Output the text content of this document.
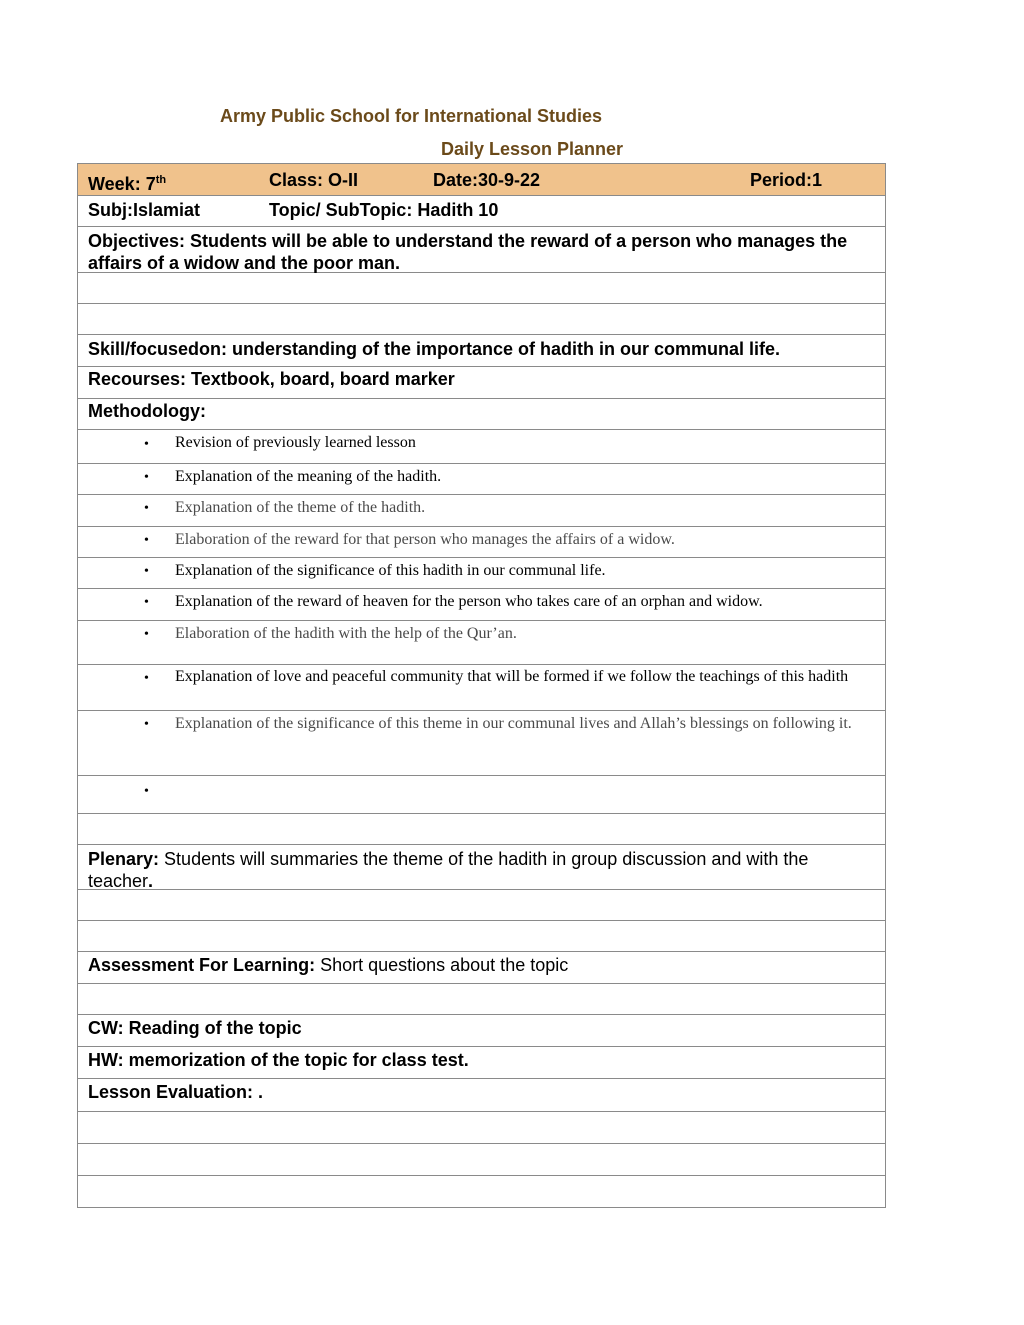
Army Public School for International Studies
Daily Lesson Planner
Week: 7th	Class: O-II	Date:30-9-22	Period:1
Subj:Islamiat	Topic/ SubTopic: Hadith 10
Objectives: Students will be able to understand the reward of a person who manages the affairs of a widow and the poor man.
Skill/focusedon: understanding of the importance of hadith in our communal life.
Recourses: Textbook, board, board marker
Methodology:
• Revision of previously learned lesson
• Explanation of the meaning of the hadith.
• Explanation of the theme of the hadith.
• Elaboration of the reward for that person who manages the affairs of a widow.
• Explanation of the significance of this hadith in our communal life.
• Explanation of the reward of heaven for the person who takes care of an orphan and widow.
• Elaboration of the hadith with the help of the Qur’an.
• Explanation of love and peaceful community that will be formed if we follow the teachings of this hadith
• Explanation of the significance of this theme in our communal lives and Allah’s blessings on following it.
•
Plenary: Students will summaries the theme of the hadith in group discussion and with the teacher.
Assessment For Learning: Short questions about the topic
CW: Reading of the topic
HW: memorization of the topic for class test.
Lesson Evaluation: .
